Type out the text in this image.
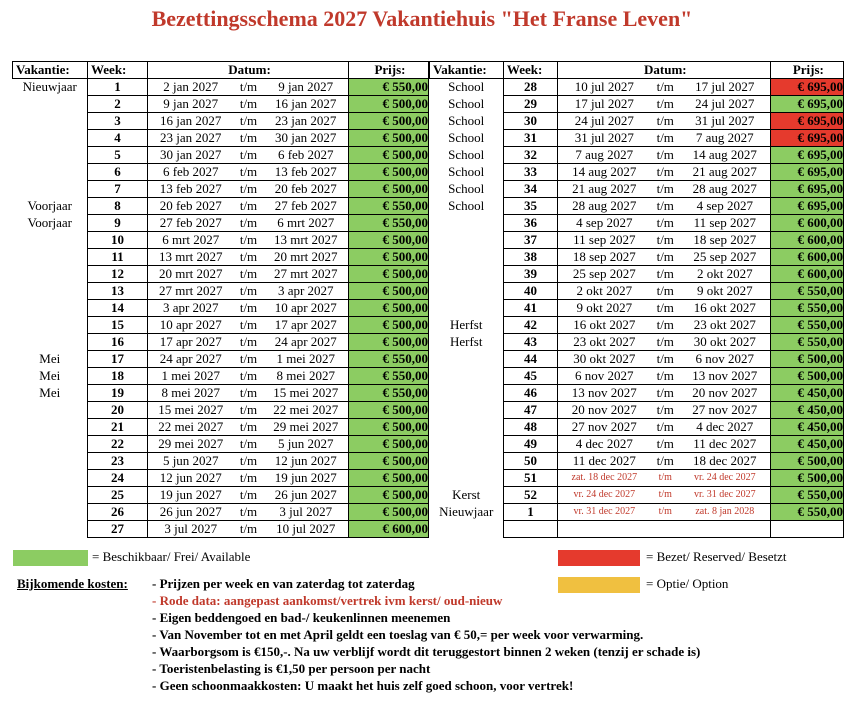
Bezettingsschema 2027 Vakantiehuis "Het Franse Leven"
Vakantie:	Week:	Datum:			Prijs:
Nieuwjaar	1	2 jan 2027	t/m	9 jan 2027	€ 550,00
	2	9 jan 2027	t/m	16 jan 2027	€ 500,00
	3	16 jan 2027	t/m	23 jan 2027	€ 500,00
	4	23 jan 2027	t/m	30 jan 2027	€ 500,00
	5	30 jan 2027	t/m	6 feb 2027	€ 500,00
	6	6 feb 2027	t/m	13 feb 2027	€ 500,00
	7	13 feb 2027	t/m	20 feb 2027	€ 500,00
Voorjaar	8	20 feb 2027	t/m	27 feb 2027	€ 550,00
Voorjaar	9	27 feb 2027	t/m	6 mrt 2027	€ 550,00
	10	6 mrt 2027	t/m	13 mrt 2027	€ 500,00
	11	13 mrt 2027	t/m	20 mrt 2027	€ 500,00
	12	20 mrt 2027	t/m	27 mrt 2027	€ 500,00
	13	27 mrt 2027	t/m	3 apr 2027	€ 500,00
	14	3 apr 2027	t/m	10 apr 2027	€ 500,00
	15	10 apr 2027	t/m	17 apr 2027	€ 500,00
	16	17 apr 2027	t/m	24 apr 2027	€ 500,00
Mei	17	24 apr 2027	t/m	1 mei 2027	€ 550,00
Mei	18	1 mei 2027	t/m	8 mei 2027	€ 550,00
Mei	19	8 mei 2027	t/m	15 mei 2027	€ 550,00
	20	15 mei 2027	t/m	22 mei 2027	€ 500,00
	21	22 mei 2027	t/m	29 mei 2027	€ 500,00
	22	29 mei 2027	t/m	5 jun 2027	€ 500,00
	23	5 jun 2027	t/m	12 jun 2027	€ 500,00
	24	12 jun 2027	t/m	19 jun 2027	€ 500,00
	25	19 jun 2027	t/m	26 jun 2027	€ 500,00
	26	26 jun 2027	t/m	3 jul 2027	€ 500,00
	27	3 jul 2027	t/m	10 jul 2027	€ 600,00
Vakantie:	Week:	Datum:			Prijs:
School	28	10 jul 2027	t/m	17 jul 2027	€ 695,00
School	29	17 jul 2027	t/m	24 jul 2027	€ 695,00
School	30	24 jul 2027	t/m	31 jul 2027	€ 695,00
School	31	31 jul 2027	t/m	7 aug 2027	€ 695,00
School	32	7 aug 2027	t/m	14 aug 2027	€ 695,00
School	33	14 aug 2027	t/m	21 aug 2027	€ 695,00
School	34	21 aug 2027	t/m	28 aug 2027	€ 695,00
School	35	28 aug 2027	t/m	4 sep 2027	€ 695,00
	36	4 sep 2027	t/m	11 sep 2027	€ 600,00
	37	11 sep 2027	t/m	18 sep 2027	€ 600,00
	38	18 sep 2027	t/m	25 sep 2027	€ 600,00
	39	25 sep 2027	t/m	2 okt 2027	€ 600,00
	40	2 okt 2027	t/m	9 okt 2027	€ 550,00
	41	9 okt 2027	t/m	16 okt 2027	€ 550,00
Herfst	42	16 okt 2027	t/m	23 okt 2027	€ 550,00
Herfst	43	23 okt 2027	t/m	30 okt 2027	€ 550,00
	44	30 okt 2027	t/m	6 nov 2027	€ 500,00
	45	6 nov 2027	t/m	13 nov 2027	€ 500,00
	46	13 nov 2027	t/m	20 nov 2027	€ 450,00
	47	20 nov 2027	t/m	27 nov 2027	€ 450,00
	48	27 nov 2027	t/m	4 dec 2027	€ 450,00
	49	4 dec 2027	t/m	11 dec 2027	€ 450,00
	50	11 dec 2027	t/m	18 dec 2027	€ 500,00
	51	zat. 18 dec 2027	t/m	vr. 24 dec 2027	€ 500,00
Kerst	52	vr. 24 dec 2027	t/m	vr. 31 dec 2027	€ 550,00
Nieuwjaar	1	vr. 31 dec 2027	t/m	zat. 8 jan 2028	€ 550,00

= Beschikbaar/ Frei/ Available	= Bezet/ Reserved/ Besetzt
= Optie/ Option
Bijkomende kosten: - Prijzen per week en van zaterdag tot zaterdag
- Rode data: aangepast aankomst/vertrek ivm kerst/ oud-nieuw
- Eigen beddengoed en bad-/ keukenlinnen meenemen
- Van November tot en met April geldt een toeslag van € 50,= per week voor verwarming.
- Waarborgsom is €150,-. Na uw verblijf wordt dit teruggestort binnen 2 weken (tenzij er schade is)
- Toeristenbelasting is €1,50 per persoon per nacht
- Geen schoonmaakkosten: U maakt het huis zelf goed schoon, voor vertrek!
